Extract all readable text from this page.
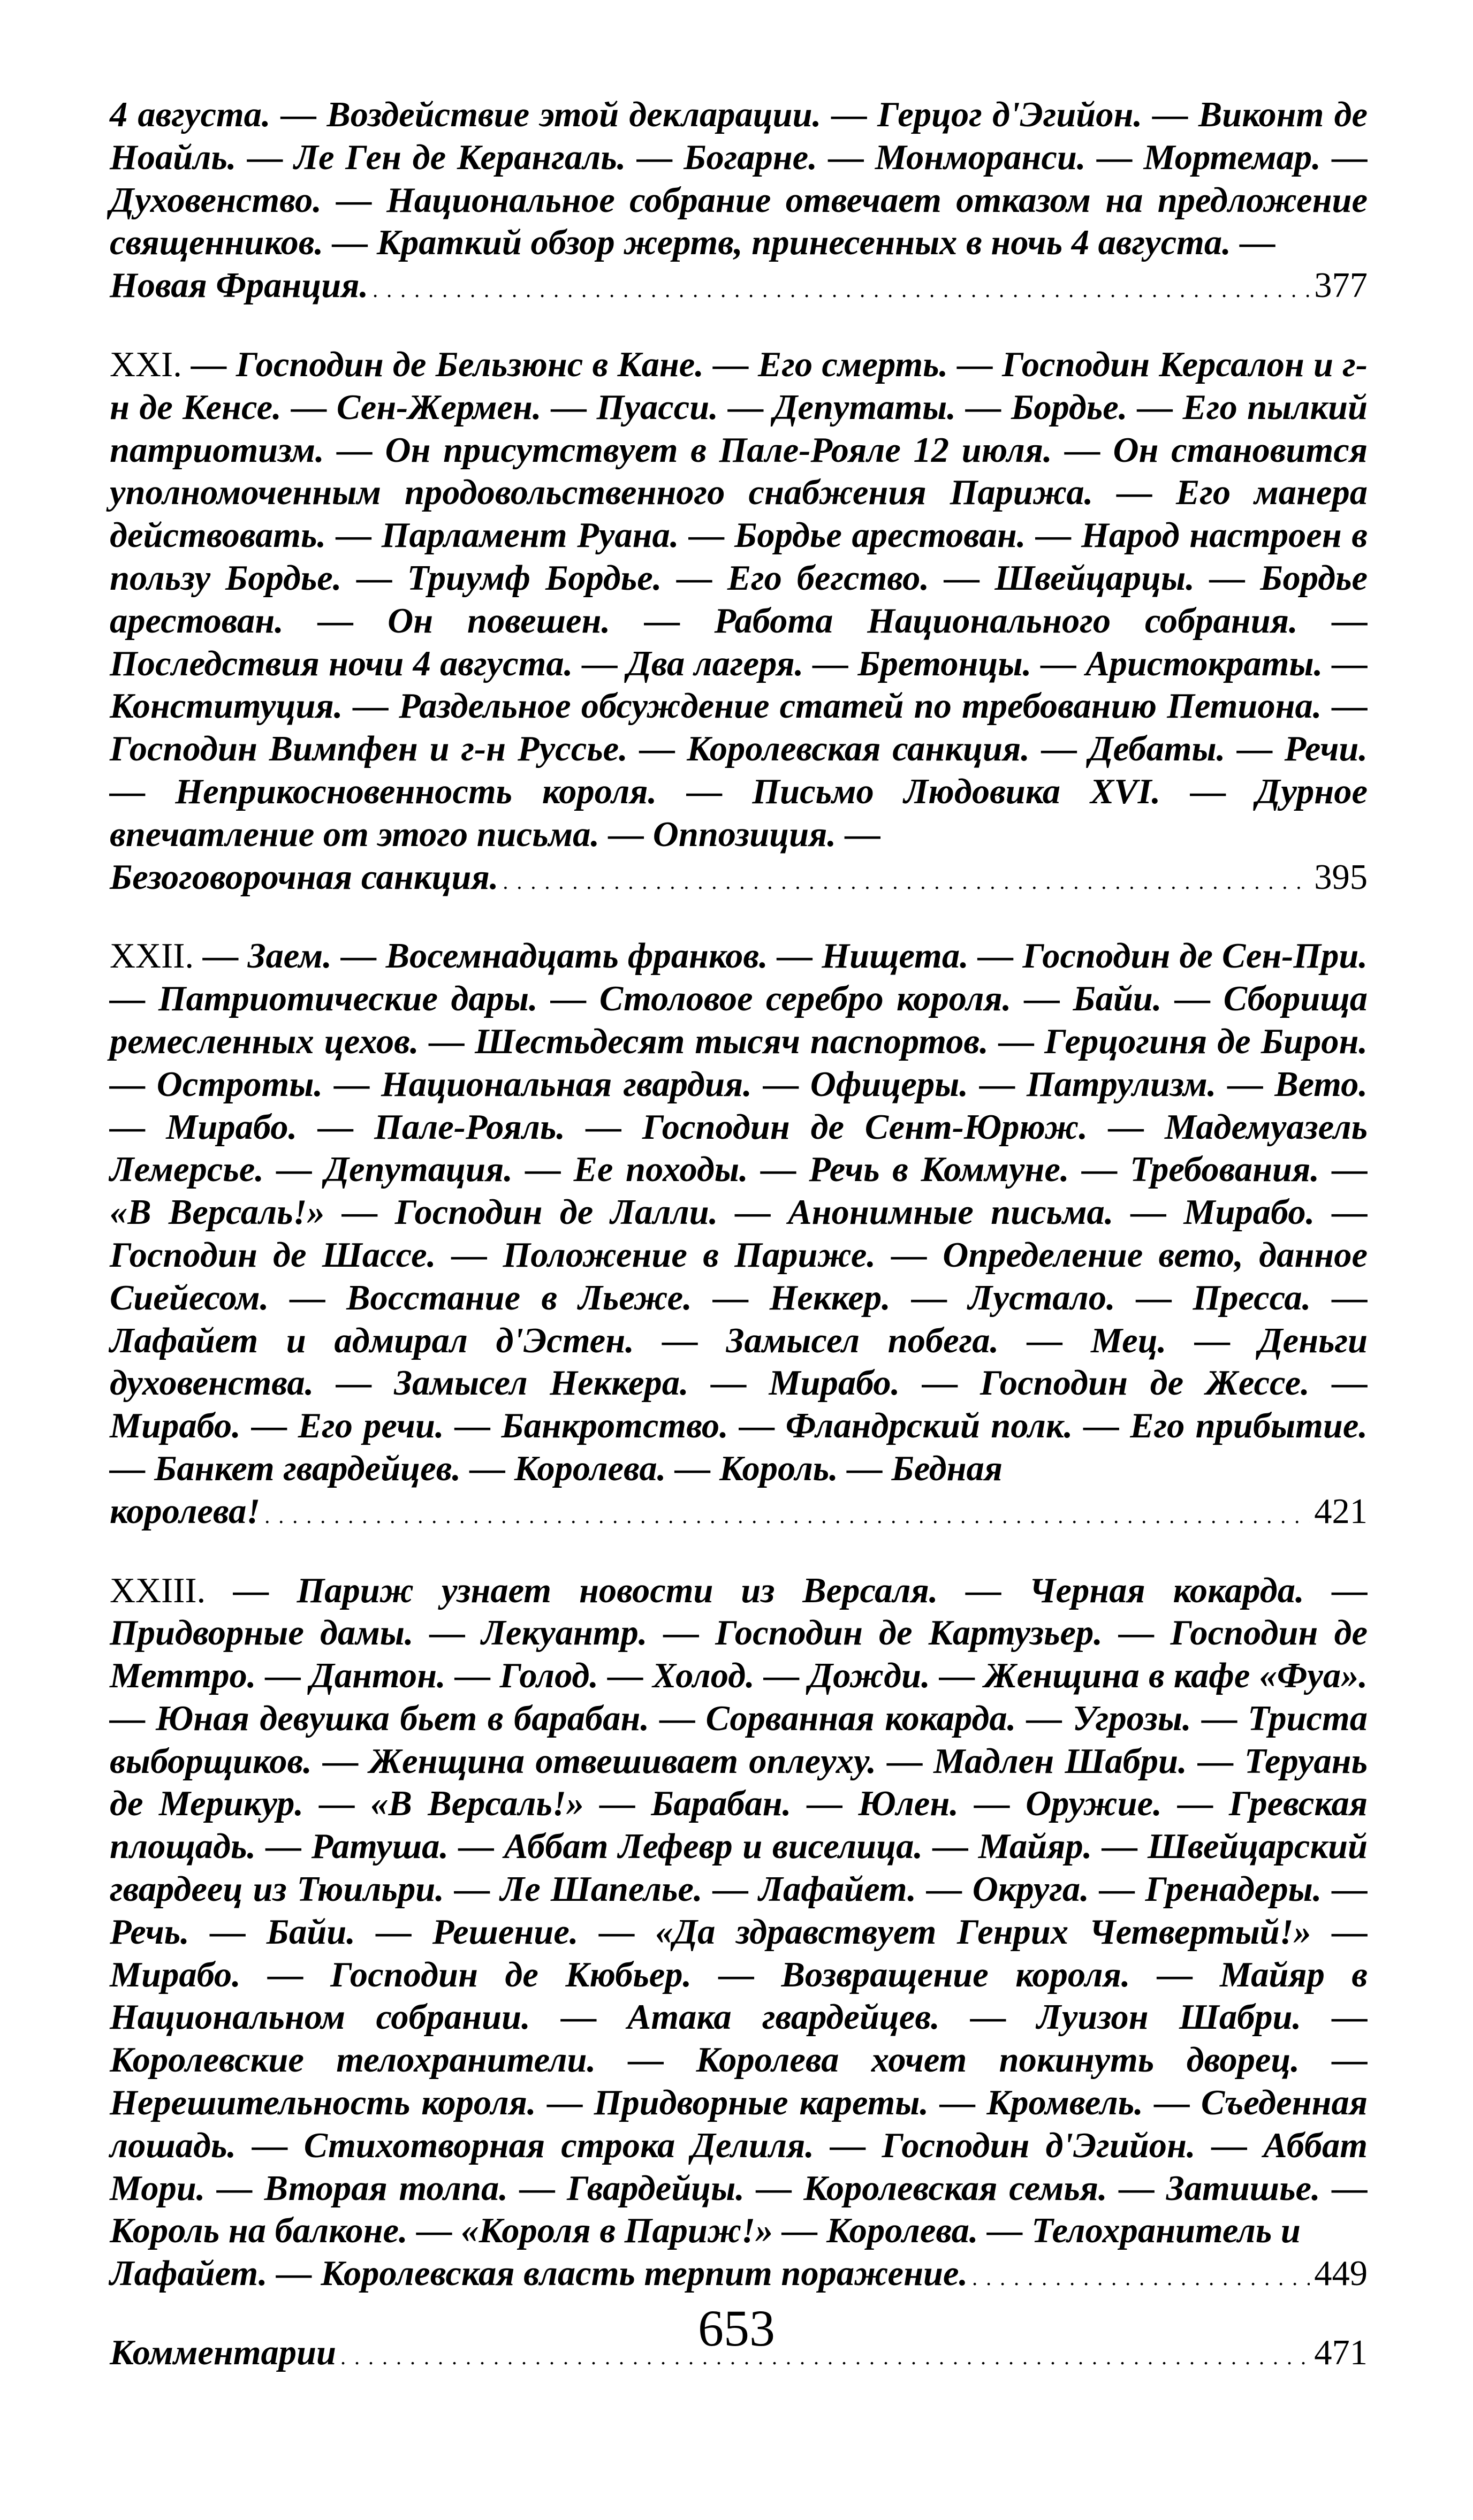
4 августа. — Воздействие этой декларации. — Герцог д'Эгийон. — Виконт де Ноайль. — Ле Ген де Керангаль. — Богарне. — Монморанси. — Мортемар. — Духовенство. — Национальное собрание отвечает отказом на предложение священников. — Краткий обзор жертв, принесенных в ночь 4 августа. —
Новая Франция. . . .	377
XXI. — Господин де Бельзюнс в Кане. — Его смерть. — Господин Керсалон и г-н де Кенсе. — Сен-Жермен. — Пуасси. — Депутаты. — Бордье. — Его пылкий патриотизм. — Он присутствует в Пале-Рояле 12 июля. — Он становится уполномоченным продовольственного снабжения Парижа. — Его манера действовать. — Парламент Руана. — Бордье арестован. — Народ настроен в пользу Бордье. — Триумф Бордье. — Его бегство. — Швейцарцы. — Бордье арестован. — Он повешен. — Работа Национального собрания. — Последствия ночи 4 августа. — Два лагеря. — Бретонцы. — Аристократы. — Конституция. — Раздельное обсуждение статей по требованию Петиона. — Господин Вимпфен и г-н Руссье. — Королевская санкция. — Дебаты. — Речи. — Неприкосновенность короля. — Письмо Людовика XVI. — Дурное впечатление от этого письма. — Оппозиция. —
Безоговорочная санкция. . . .	395
XXII. — Заем. — Восемнадцать франков. — Нищета. — Господин де Сен-При. — Патриотические дары. — Столовое серебро короля. — Байи. — Сборища ремесленных цехов. — Шестьдесят тысяч паспортов. — Герцогиня де Бирон. — Остроты. — Национальная гвардия. — Офицеры. — Патрулизм. — Вето. — Мирабо. — Пале-Рояль. — Господин де Сент-Юрюж. — Мадемуазель Лемерсье. — Депутация. — Ее походы. — Речь в Коммуне. — Требования. — «В Версаль!» — Господин де Лалли. — Анонимные письма. — Мирабо. — Господин де Шассе. — Положение в Париже. — Определение вето, данное Сиейесом. — Восстание в Льеже. — Неккер. — Лустало. — Пресса. — Лафайет и адмирал д'Эстен. — Замысел побега. — Мец. — Деньги духовенства. — Замысел Неккера. — Мирабо. — Господин де Жессе. — Мирабо. — Его речи. — Банкротство. — Фландрский полк. — Его прибытие. — Банкет гвардейцев. — Королева. — Король. — Бедная
королева! . . .	421
XXIII. — Париж узнает новости из Версаля. — Черная кокарда. — Придворные дамы. — Лекуантр. — Господин де Картузьер. — Господин де Меттро. — Дантон. — Голод. — Холод. — Дожди. — Женщина в кафе «Фуа». — Юная девушка бьет в барабан. — Сорванная кокарда. — Угрозы. — Триста выборщиков. — Женщина отвешивает оплеуху. — Мадлен Шабри. — Теруань де Мерикур. — «В Версаль!» — Барабан. — Юлен. — Оружие. — Гревская площадь. — Ратуша. — Аббат Лефевр и виселица. — Майяр. — Швейцарский гвардеец из Тюильри. — Ле Шапелье. — Лафайет. — Округа. — Гренадеры. — Речь. — Байи. — Решение. — «Да здравствует Генрих Четвертый!» — Мирабо. — Господин де Кюбьер. — Возвращение короля. — Майяр в Национальном собрании. — Атака гвардейцев. — Луизон Шабри. — Королевские телохранители. — Королева хочет покинуть дворец. — Нерешительность короля. — Придворные кареты. — Кромвель. — Съеденная лошадь. — Стихотворная строка Делиля. — Господин д'Эгийон. — Аббат Мори. — Вторая толпа. — Гвардейцы. — Королевская семья. — Затишье. — Король на балконе. — «Короля в Париж!» — Королева. — Телохранитель и
Лафайет. — Королевская власть терпит поражение. . . .	449
Комментарии . . .	471
653
